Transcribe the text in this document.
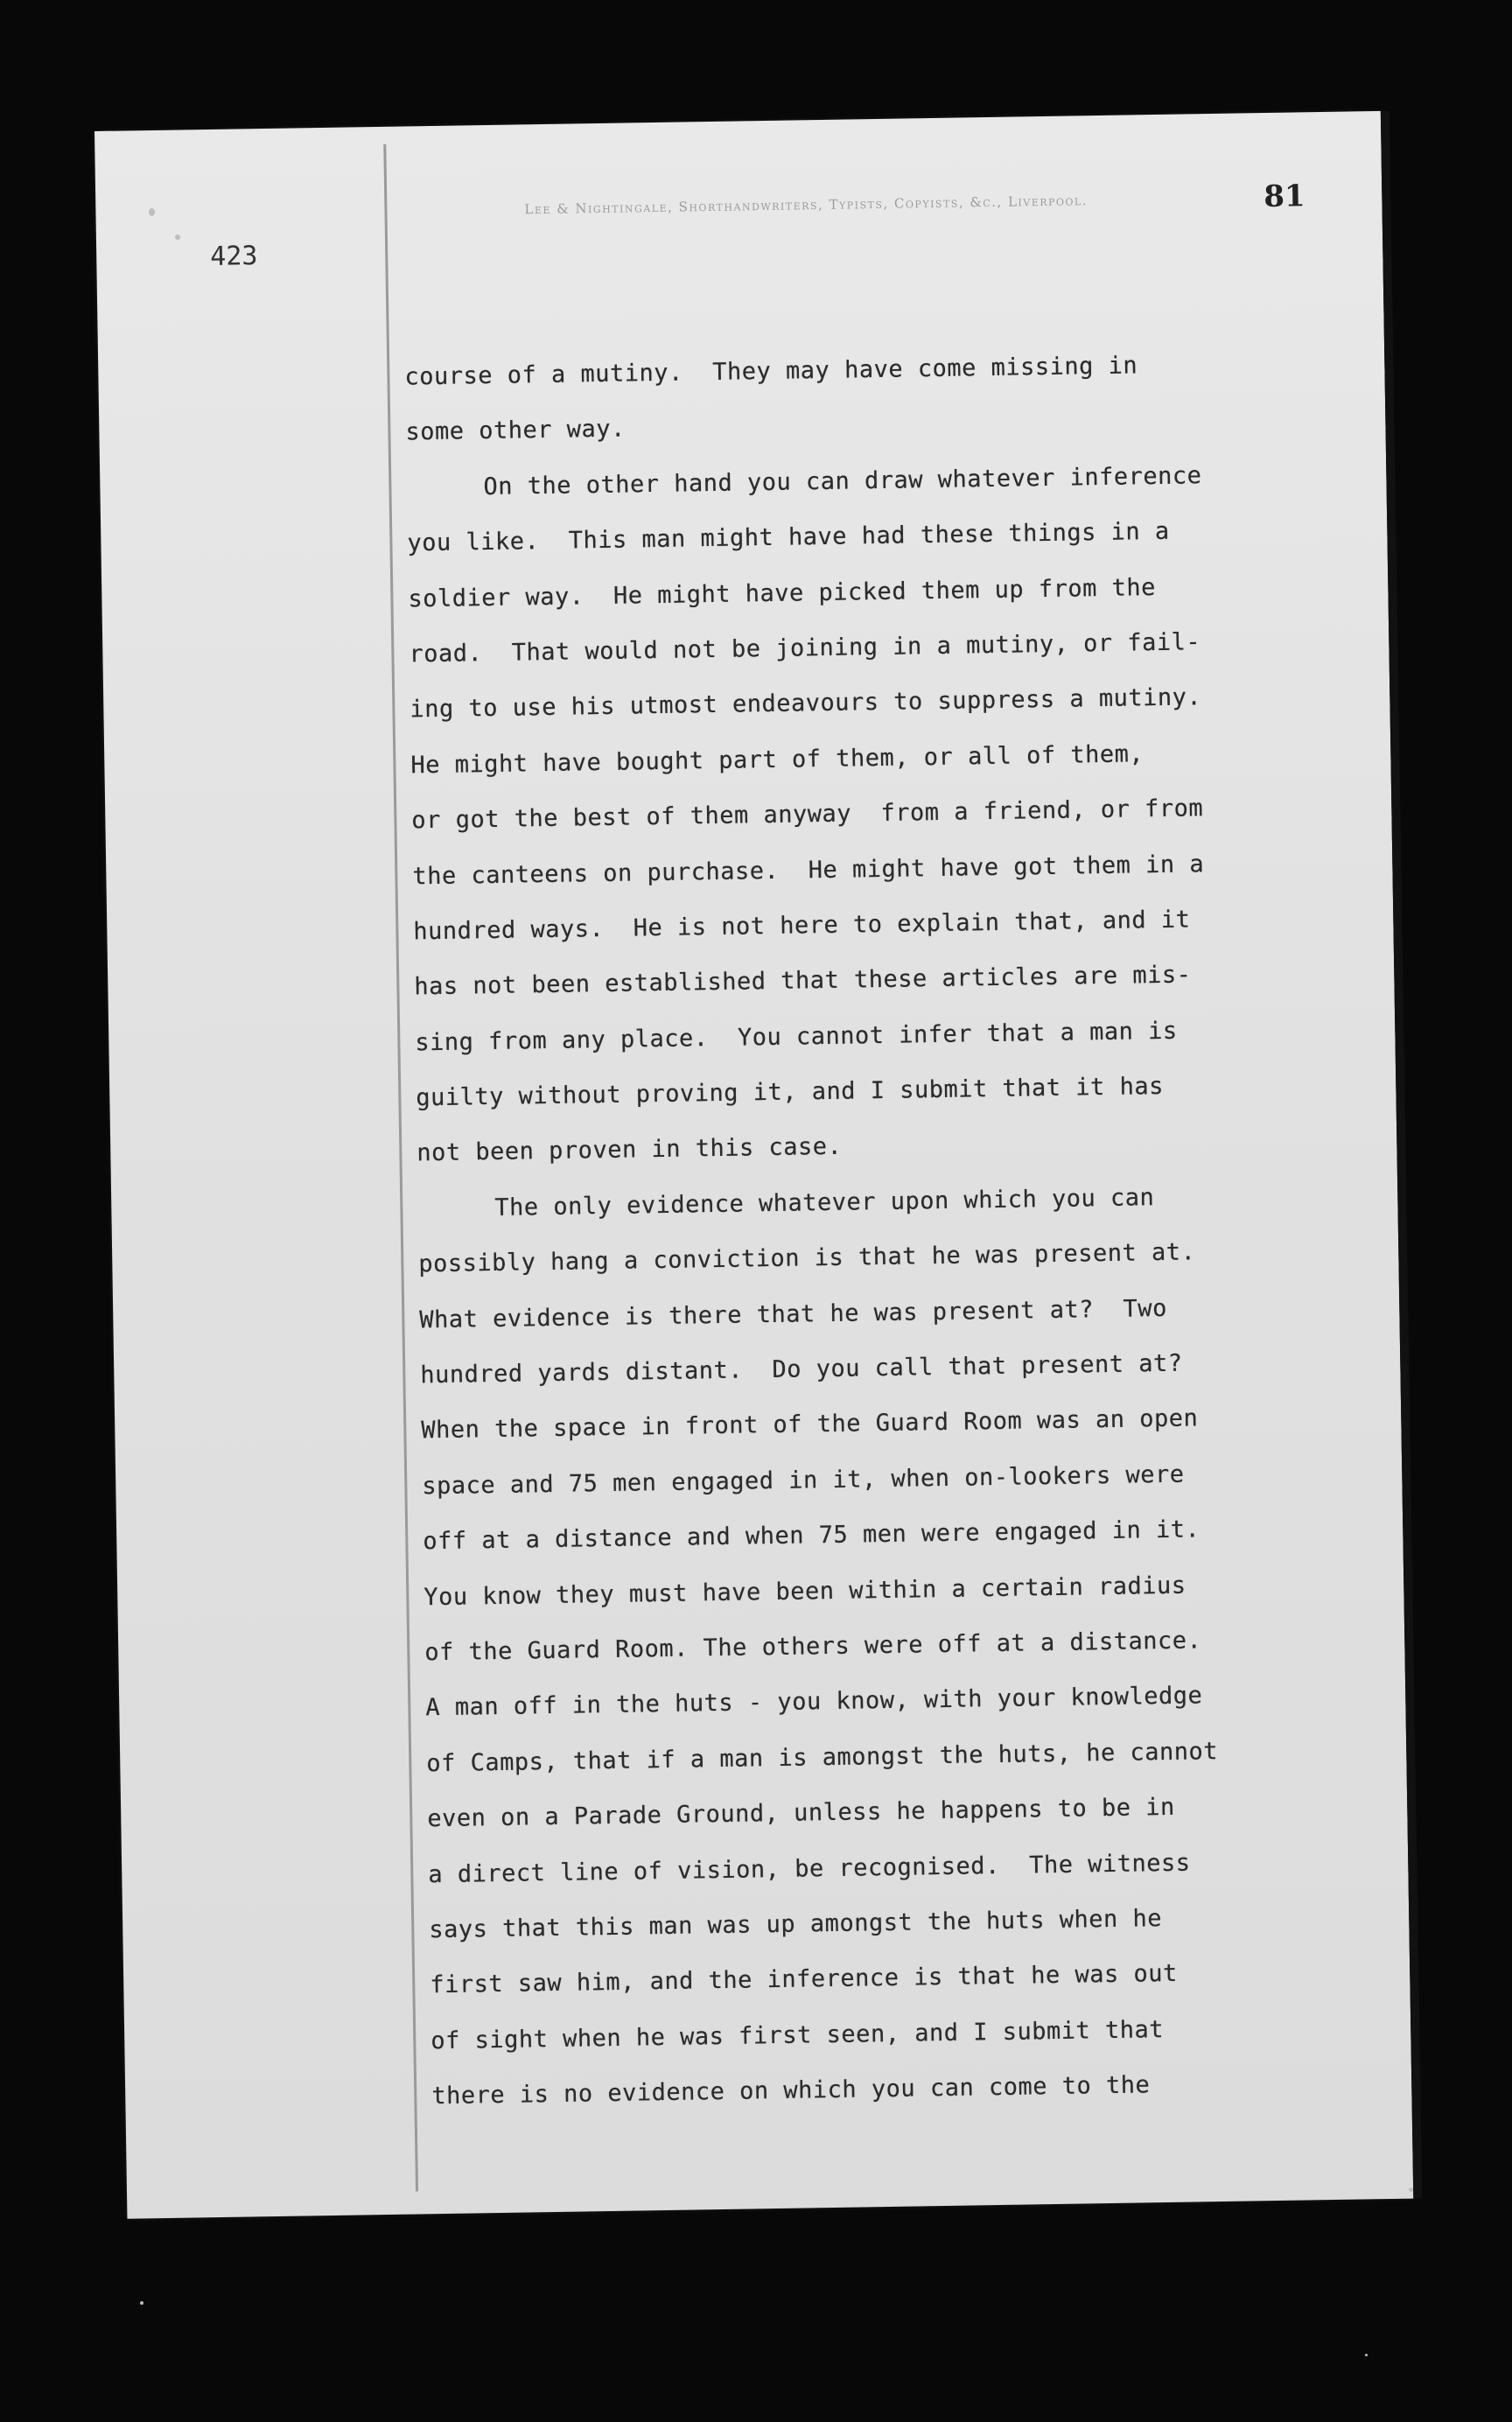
423
Lee & Nightingale, Shorthandwriters, Typists, Copyists, &c., Liverpool.	81
course of a mutiny.  They may have come missing in
some other way.
On the other hand you can draw whatever inference
you like.  This man might have had these things in a
soldier way.  He might have picked them up from the
road.  That would not be joining in a mutiny, or fail-
ing to use his utmost endeavours to suppress a mutiny.
He might have bought part of them, or all of them,
or got the best of them anyway  from a friend, or from
the canteens on purchase.  He might have got them in a
hundred ways.  He is not here to explain that, and it
has not been established that these articles are mis-
sing from any place.  You cannot infer that a man is
guilty without proving it, and I submit that it has
not been proven in this case.
The only evidence whatever upon which you can
possibly hang a conviction is that he was present at.
What evidence is there that he was present at?  Two
hundred yards distant.  Do you call that present at?
When the space in front of the Guard Room was an open
space and 75 men engaged in it, when on-lookers were
off at a distance and when 75 men were engaged in it.
You know they must have been within a certain radius
of the Guard Room. The others were off at a distance.
A man off in the huts - you know, with your knowledge
of Camps, that if a man is amongst the huts, he cannot
even on a Parade Ground, unless he happens to be in
a direct line of vision, be recognised.  The witness
says that this man was up amongst the huts when he
first saw him, and the inference is that he was out
of sight when he was first seen, and I submit that
there is no evidence on which you can come to the
